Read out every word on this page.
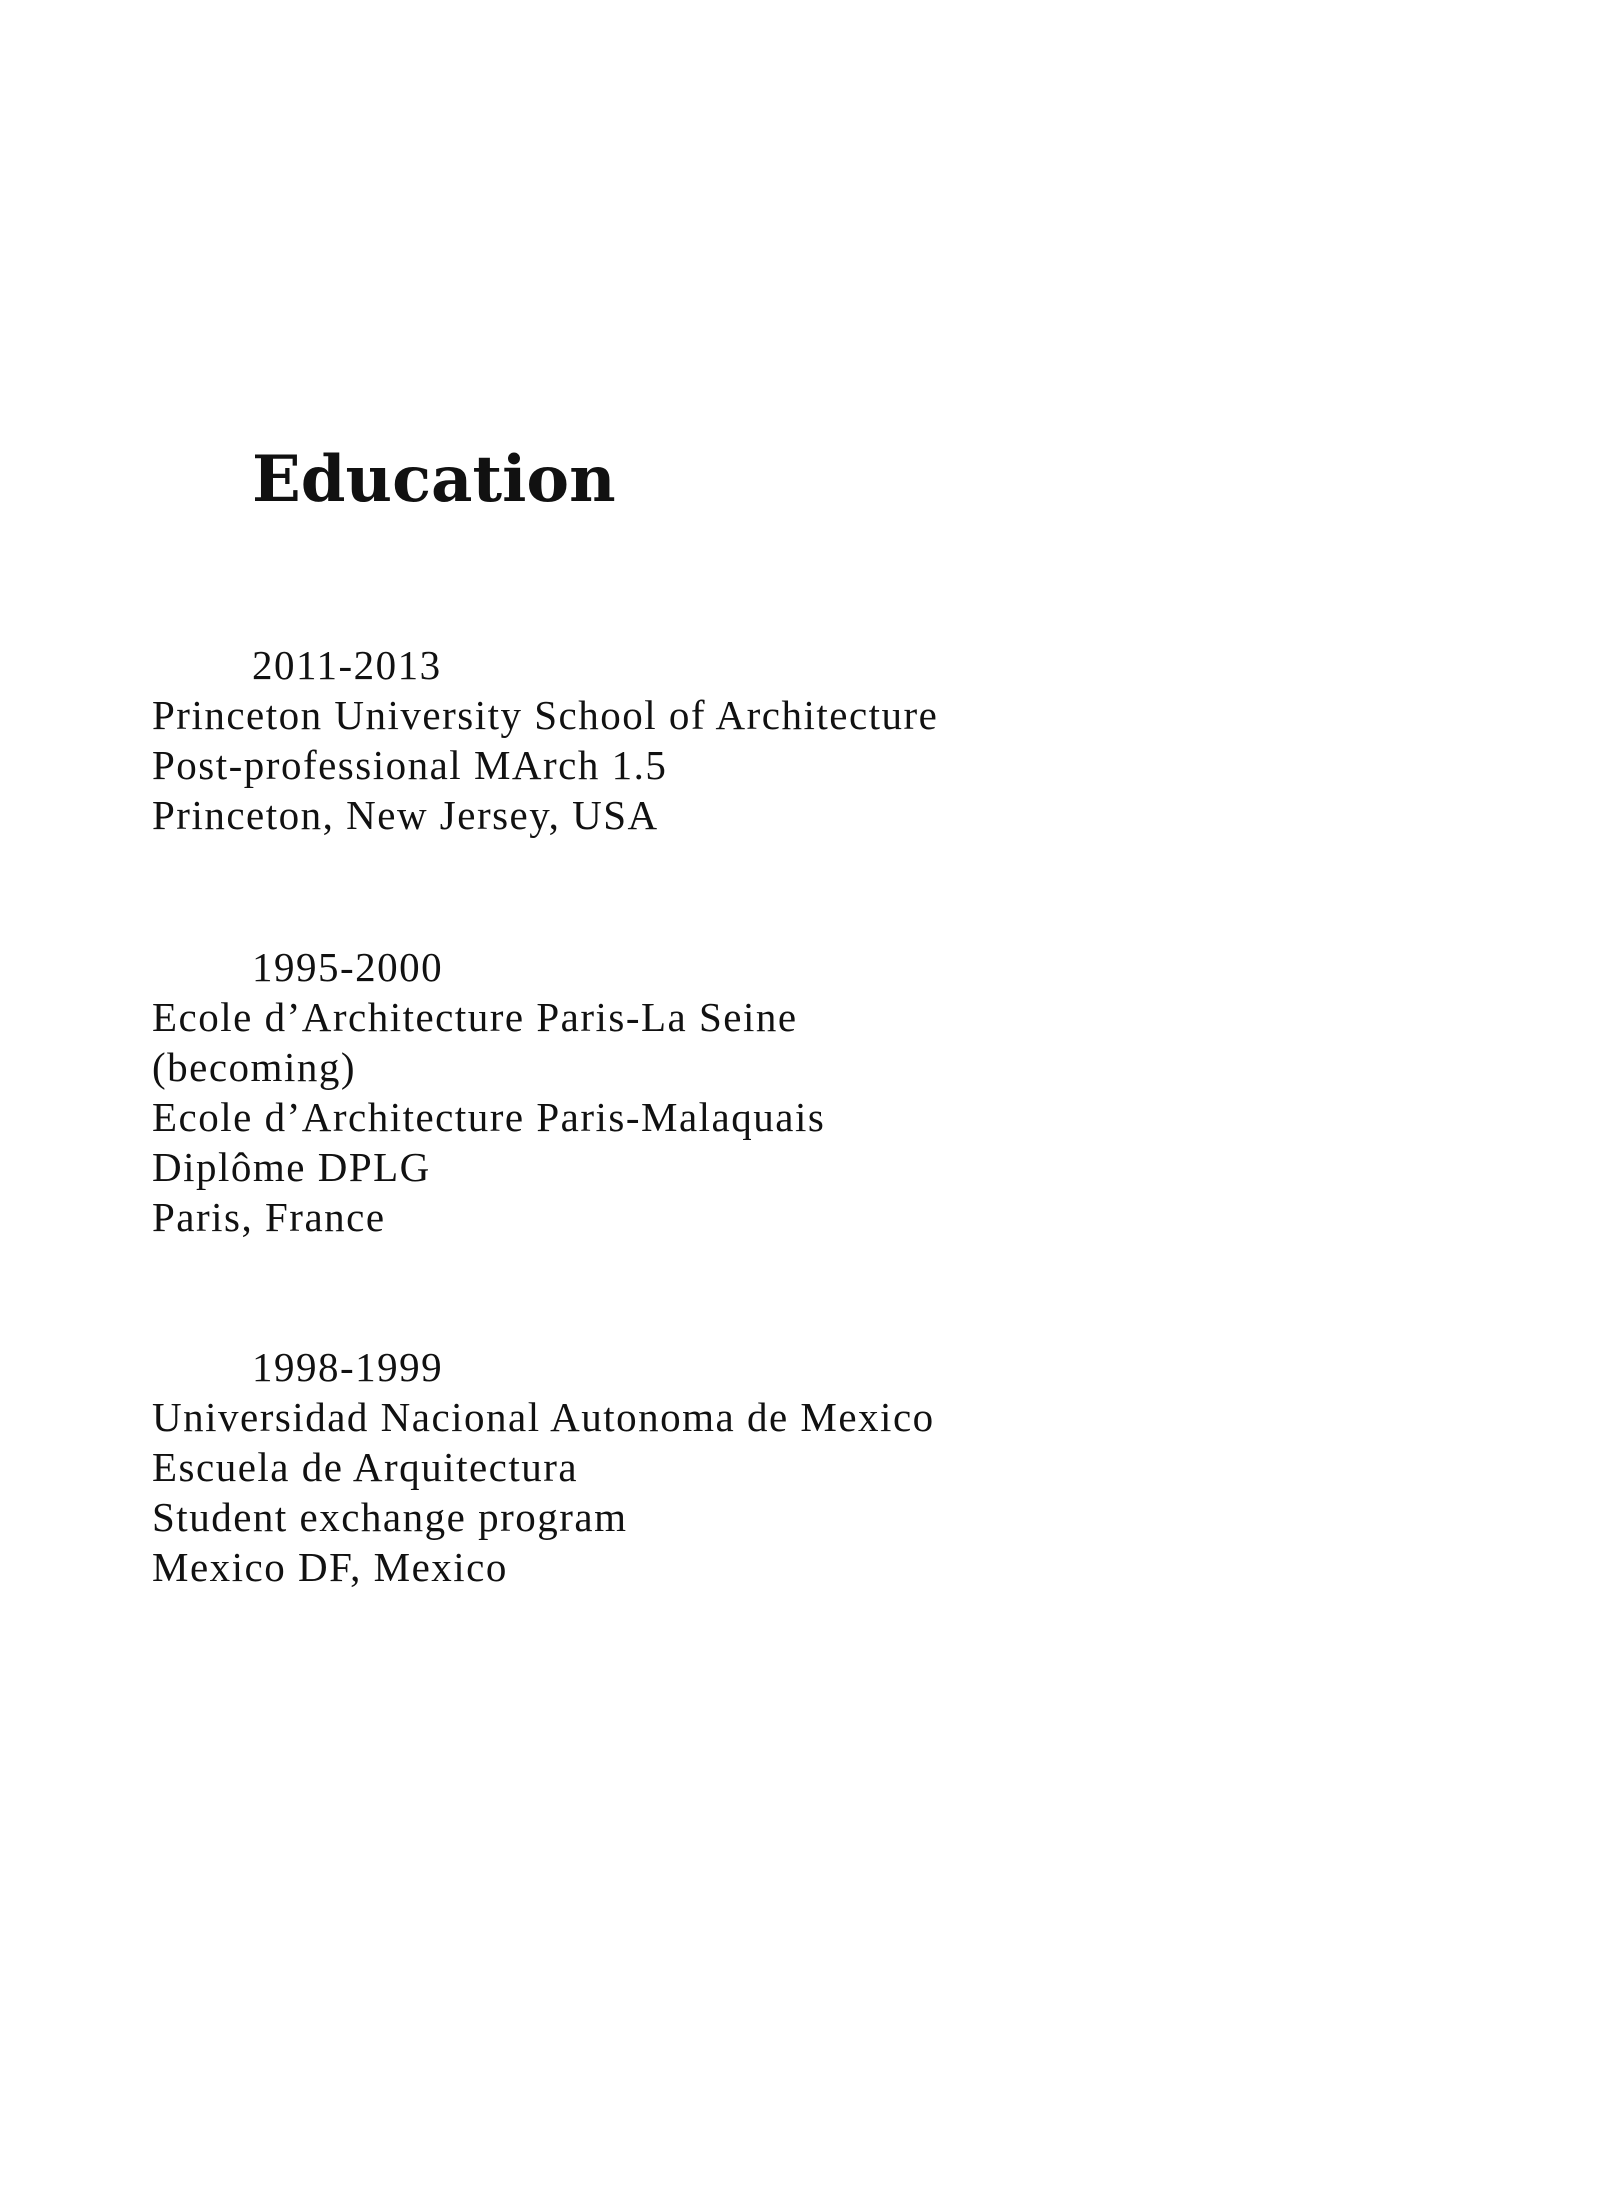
Education
2011-2013
Princeton University School of Architecture
Post-professional MArch 1.5
Princeton, New Jersey, USA
1995-2000
Ecole d’Architecture Paris-La Seine
(becoming)
Ecole d’Architecture Paris-Malaquais
Diplôme DPLG
Paris, France
1998-1999
Universidad Nacional Autonoma de Mexico
Escuela de Arquitectura
Student exchange program
Mexico DF, Mexico
